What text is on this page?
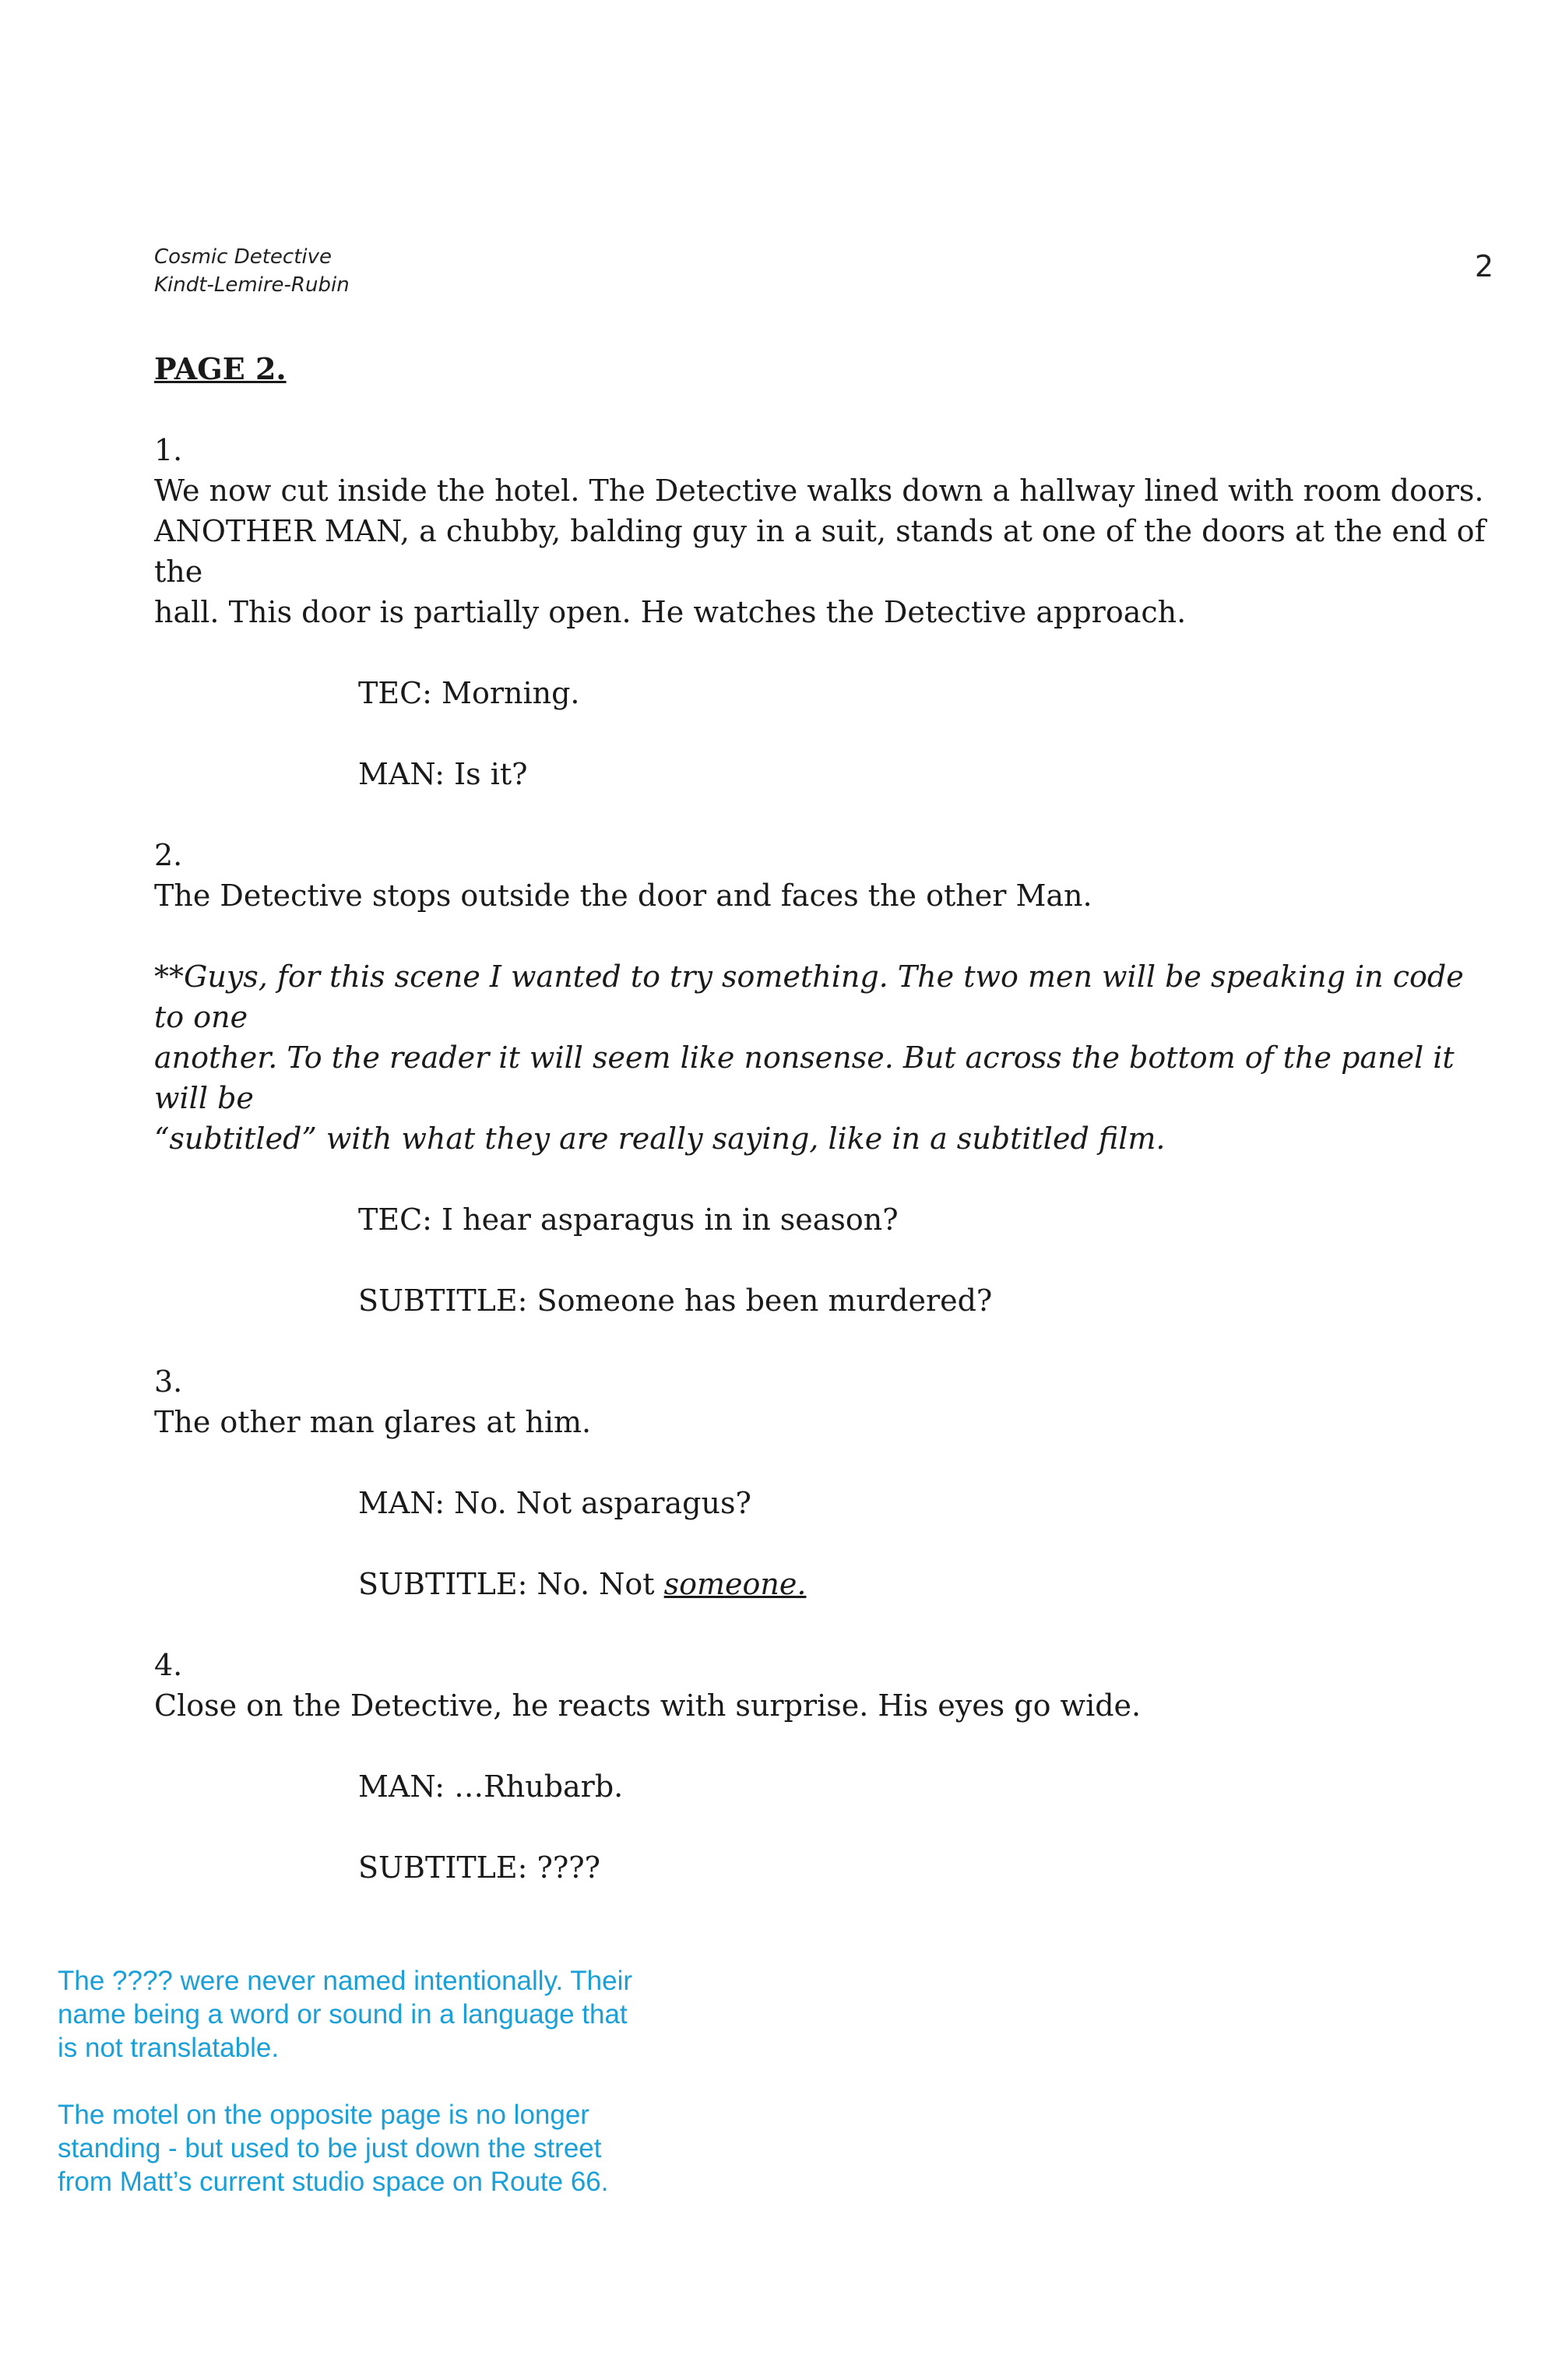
Cosmic Detective
Kindt-Lemire-Rubin
2
PAGE 2.
1.
We now cut inside the hotel. The Detective walks down a hallway lined with room doors.
ANOTHER MAN, a chubby, balding guy in a suit, stands at one of the doors at the end of the
hall. This door is partially open. He watches the Detective approach.
TEC: Morning.
MAN: Is it?
2.
The Detective stops outside the door and faces the other Man.
**Guys, for this scene I wanted to try something. The two men will be speaking in code to one
another. To the reader it will seem like nonsense. But across the bottom of the panel it will be
“subtitled” with what they are really saying, like in a subtitled film.
TEC: I hear asparagus in in season?
SUBTITLE: Someone has been murdered?
3.
The other man glares at him.
MAN: No. Not asparagus?
SUBTITLE: No. Not someone.
4.
Close on the Detective, he reacts with surprise. His eyes go wide.
MAN: …Rhubarb.
SUBTITLE: ????

The ???? were never named intentionally. Their
name being a word or sound in a language that
is not translatable.

The motel on the opposite page is no longer
standing - but used to be just down the street
from Matt’s current studio space on Route 66.
